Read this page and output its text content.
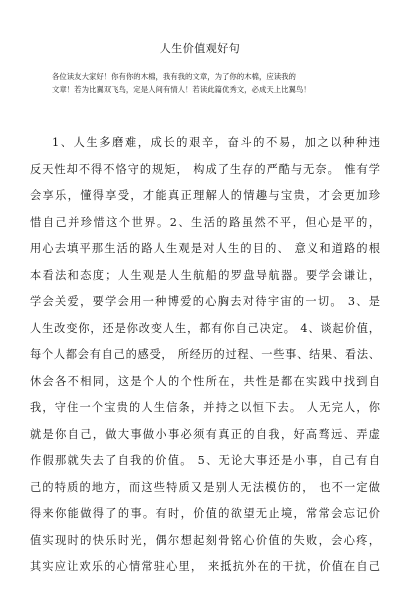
人生价值观好句
各位读友大家好！你有你的木棉，我有我的文章，为了你的木棉，应读我的
文章！若为比翼双飞鸟，定是人间有情人！若读此篇优秀文，必成天上比翼鸟！
1、人生多磨难，成长的艰辛，奋斗的不易，加之以种种违
反天性却不得不恪守的规矩， 构成了生存的严酷与无奈。 惟有学
会享乐，懂得享受，才能真正理解人的情趣与宝贵，才会更加珍
惜自己并珍惜这个世界。2、生活的路虽然不平，但心是平的，
用心去填平那生活的路人生观是对人生的目的、 意义和道路的根
本看法和态度；人生观是人生航船的罗盘导航器。要学会谦让，
学会关爱，要学会用一种博爱的心胸去对待宇宙的一切。 3、是
人生改变你，还是你改变人生，都有你自己决定。 4、谈起价值，
每个人都会有自己的感受， 所经历的过程、一些事、结果、看法、
休会各不相同，这是个人的个性所在，共性是都在实践中找到自
我，守住一个宝贵的人生信条，并持之以恒下去。 人无完人，你
就是你自己，做大事做小事必须有真正的自我，好高骛远、弄虚
作假那就失去了自我的价值。 5、无论大事还是小事，自己有自
己的特质的地方，而这些特质又是别人无法模仿的， 也不一定做
得来你能做得了的事。有时，价值的欲望无止境，常常会忘记价
值实现时的快乐时光，偶尔想起刻骨铭心价值的失败，会心疼，
其实应让欢乐的心情常驻心里， 来抵抗外在的干扰，价值在自己
